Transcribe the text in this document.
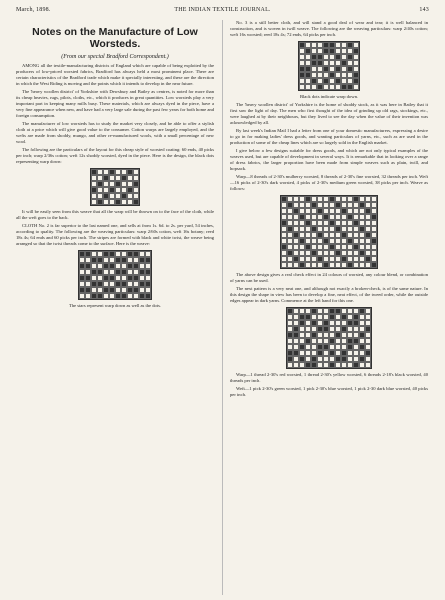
March, 1898.	THE INDIAN TEXTILE JOURNAL.	143
Notes on the Manufacture of Low Worsteds.
(From our special Bradford Correspondent.)

AMONG all the textile-manufacturing districts of England which are capable of being exploited by the producers of low-priced worsted fabrics, Bradford has always held a most prominent place. There are certain characteristics of the Bradford trade which make it specially interesting, and these are the direction in which the West Riding is moving and the points which it intends to develop in the near future.

The 'heavy woollen district' of Yorkshire with Dewsbury and Batley as centres, is noted for more than its cheap heavies, rugs, pilots, cloths, etc., which it produces in great quantities. Low worsteds play a very important part in keeping many mills busy. These materials, which are always dyed in the piece, have a very fine appearance when new, and have had a very large sale during the past few years for both home and foreign consumption.

The manufacturer of low worsteds has to study the market very closely, and be able to offer a stylish cloth at a price which will give good value to the consumer. Cotton warps are largely employed, and the wefts are made from shoddy, mungo, and other re-manufactured wools, with a small percentage of new wool.

The following are the particulars of the layout for this cheap style of worsted coating: 60 ends, 40 picks per inch; warp 2/36s cotton; weft 12s shoddy worsted, dyed in the piece. Here is the design, the black dots representing warp down:

It will be easily seen from this weave that all the warp will be thrown on to the face of the cloth, while all the weft goes to the back.

CLOTH No. 2 is far superior to the last named one, and sells at from 1s. 6d. to 2s. per yard, 54 inches, according to quality. The following are the weaving particulars: warp 2/60s cotton, weft 16s botany; reed 18s 4s; 64 ends and 60 picks per inch. The stripes are formed with black and white twist, the weave being arranged so that the twist threads come to the surface. Here is the weave:

The stars represent warp down as well as the dots.

No. 3 is a still better cloth, and will stand a good deal of wear and tear; it is well balanced in construction, and is woven in twill weave. The following are the weaving particulars: warp 2/40s cotton; weft 16s worsted; reed 18s 4s; 72 ends, 64 picks per inch.

Black dots indicate warp down.

The 'heavy woollen district' of Yorkshire is the home of shoddy stock, as it was here in Batley that it first saw the light of day. The men who first thought of the idea of grinding up old rags, stockings, etc., were laughed at by their neighbours, but they lived to see the day when the value of their invention was acknowledged by all.

By last week's Indian Mail I had a letter from one of your domestic manufacturers, expressing a desire to go in for making ladies' dress goods, and wanting particulars of yarns, etc., such as are used in the production of some of the cheap lines which are so largely sold in the English market.

I give below a few designs suitable for dress goods, and which are not only typical examples of the weaves used, but are capable of development in several ways. It is remarkable that in looking over a range of dress fabrics, the larger proportion have been made from simple weaves such as plain, twill, and hopsack.

Warp—8 threads of 2-30's mulberry worsted, 8 threads of 2-30's fine worsted, 32 threads per inch. Weft—16 picks of 2-30's dark worsted, 4 picks of 2-30's medium green worsted, 38 picks per inch. Weave as follows:

The above design gives a real check effect in 24 colours of worsted, any colour blend, or combination of yarns can be used.

The next pattern is a very neat one, and although not exactly a broken-check, is of the same nature. In this design the shape in view has been to develop a fine, neat effect, of the tweed order, while the outside edges appear in dark yarns. Commence at the left hand for this one.

Warp—1 thread 2-30's red worsted, 1 thread 2-30's yellow worsted, 6 threads 2-18's black worsted, 40 threads per inch.

Weft—1 pick 2-30's green worsted, 1 pick 2-30's blue worsted, 1 pick 2-30 dark blue worsted, 40 picks per inch.
